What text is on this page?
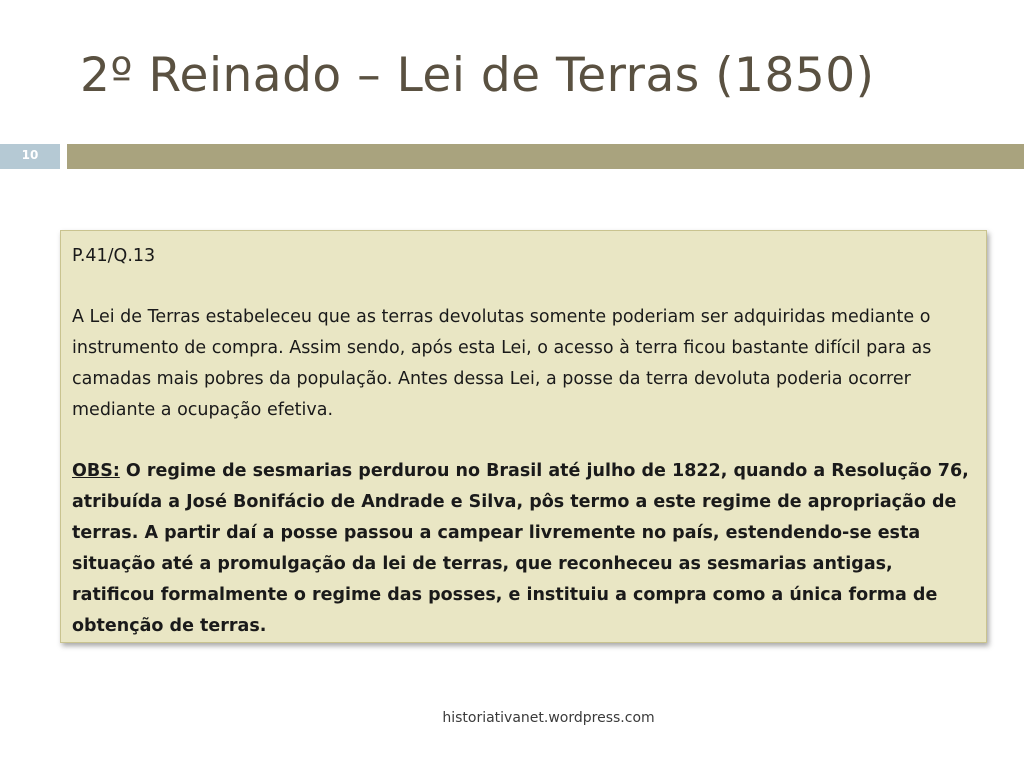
2º Reinado – Lei de Terras (1850)
10

P.41/Q.13

A Lei de Terras estabeleceu que as terras devolutas somente poderiam ser adquiridas mediante o instrumento de compra. Assim sendo, após esta Lei, o acesso à terra ficou bastante difícil para as camadas mais pobres da população. Antes dessa Lei, a posse da terra devoluta poderia ocorrer mediante a ocupação efetiva.

OBS: O regime de sesmarias perdurou no Brasil até julho de 1822, quando a Resolução 76, atribuída a José Bonifácio de Andrade e Silva, pôs termo a este regime de apropriação de terras. A partir daí a posse passou a campear livremente no país, estendendo-se esta situação até a promulgação da lei de terras, que reconheceu as sesmarias antigas, ratificou formalmente o regime das posses, e instituiu a compra como a única forma de obtenção de terras.

historiativanet.wordpress.com
